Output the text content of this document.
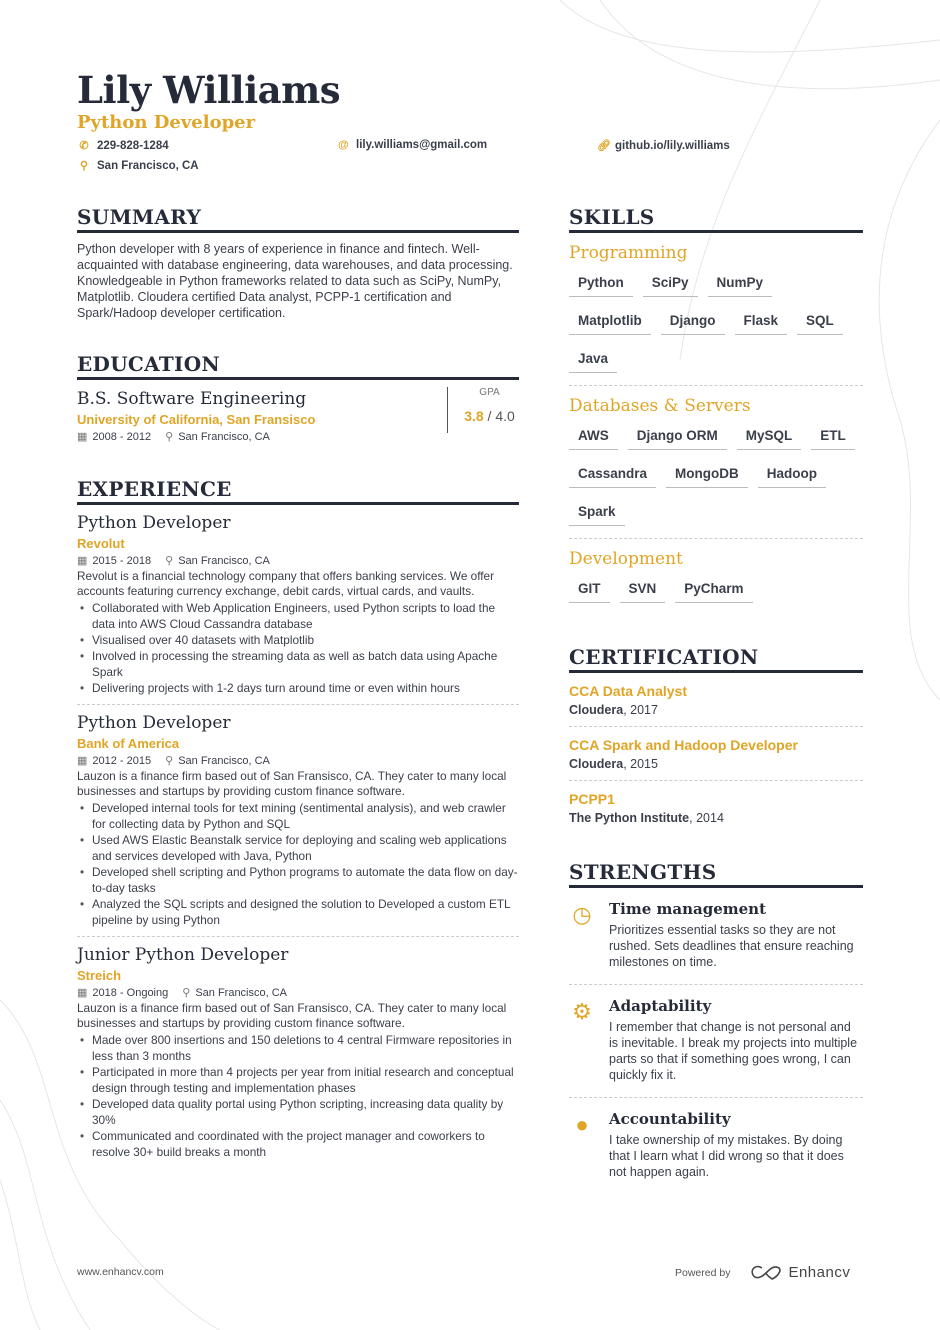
Lily Williams
Python Developer
✆ 229-828-1284
⚲ San Francisco, CA
@ lily.williams@gmail.com	🔗︎ github.io/lily.williams
SUMMARY

Python developer with 8 years of experience in finance and fintech. Well-acquainted with database engineering, data warehouses, and data processing. Knowledgeable in Python frameworks related to data such as SciPy, NumPy, Matplotlib. Cloudera certified Data analyst, PCPP-1 certification and Spark/Hadoop developer certification.

EDUCATION
B.S. Software Engineering
University of California, San Fransisco
▦ 2008 - 2012 ⚲ San Francisco, CA
GPA
3.8 / 4.0
EXPERIENCE
Python Developer
Revolut
▦ 2015 - 2018 ⚲ San Francisco, CA
Revolut is a financial technology company that offers banking services. We offer accounts featuring currency exchange, debit cards, virtual cards, and vaults.
• Collaborated with Web Application Engineers, used Python scripts to load the data into AWS Cloud Cassandra database
• Visualised over 40 datasets with Matplotlib
• Involved in processing the streaming data as well as batch data using Apache Spark
• Delivering projects with 1-2 days turn around time or even within hours
Python Developer
Bank of America
▦ 2012 - 2015 ⚲ San Francisco, CA
Lauzon is a finance firm based out of San Fransisco, CA. They cater to many local businesses and startups by providing custom finance software.
• Developed internal tools for text mining (sentimental analysis), and web crawler for collecting data by Python and SQL
• Used AWS Elastic Beanstalk service for deploying and scaling web applications and services developed with Java, Python
• Developed shell scripting and Python programs to automate the data flow on day-to-day tasks
• Analyzed the SQL scripts and designed the solution to Developed a custom ETL pipeline by using Python
Junior Python Developer
Streich
▦ 2018 - Ongoing ⚲ San Francisco, CA
Lauzon is a finance firm based out of San Fransisco, CA. They cater to many local businesses and startups by providing custom finance software.
• Made over 800 insertions and 150 deletions to 4 central Firmware repositories in less than 3 months
• Participated in more than 4 projects per year from initial research and conceptual design through testing and implementation phases
• Developed data quality portal using Python scripting, increasing data quality by 30%
• Communicated and coordinated with the project manager and coworkers to resolve 30+ build breaks a month
SKILLS
Programming
Python	SciPy	NumPy
Matplotlib	Django	Flask	SQL
Java
Databases & Servers
AWS	Django ORM	MySQL	ETL
Cassandra	MongoDB	Hadoop
Spark
Development
GIT	SVN	PyCharm
CERTIFICATION
CCA Data Analyst
Cloudera, 2017
CCA Spark and Hadoop Developer
Cloudera, 2015
PCPP1
The Python Institute, 2014
STRENGTHS
◷ Time management
Prioritizes essential tasks so they are not rushed. Sets deadlines that ensure reaching milestones on time.
⚙ Adaptability
I remember that change is not personal and is inevitable. I break my projects into multiple parts so that if something goes wrong, I can quickly fix it.
●	Accountability
I take ownership of my mistakes. By doing that I learn what I did wrong so that it does not happen again.
www.enhancv.com	Powered by	Enhancv
